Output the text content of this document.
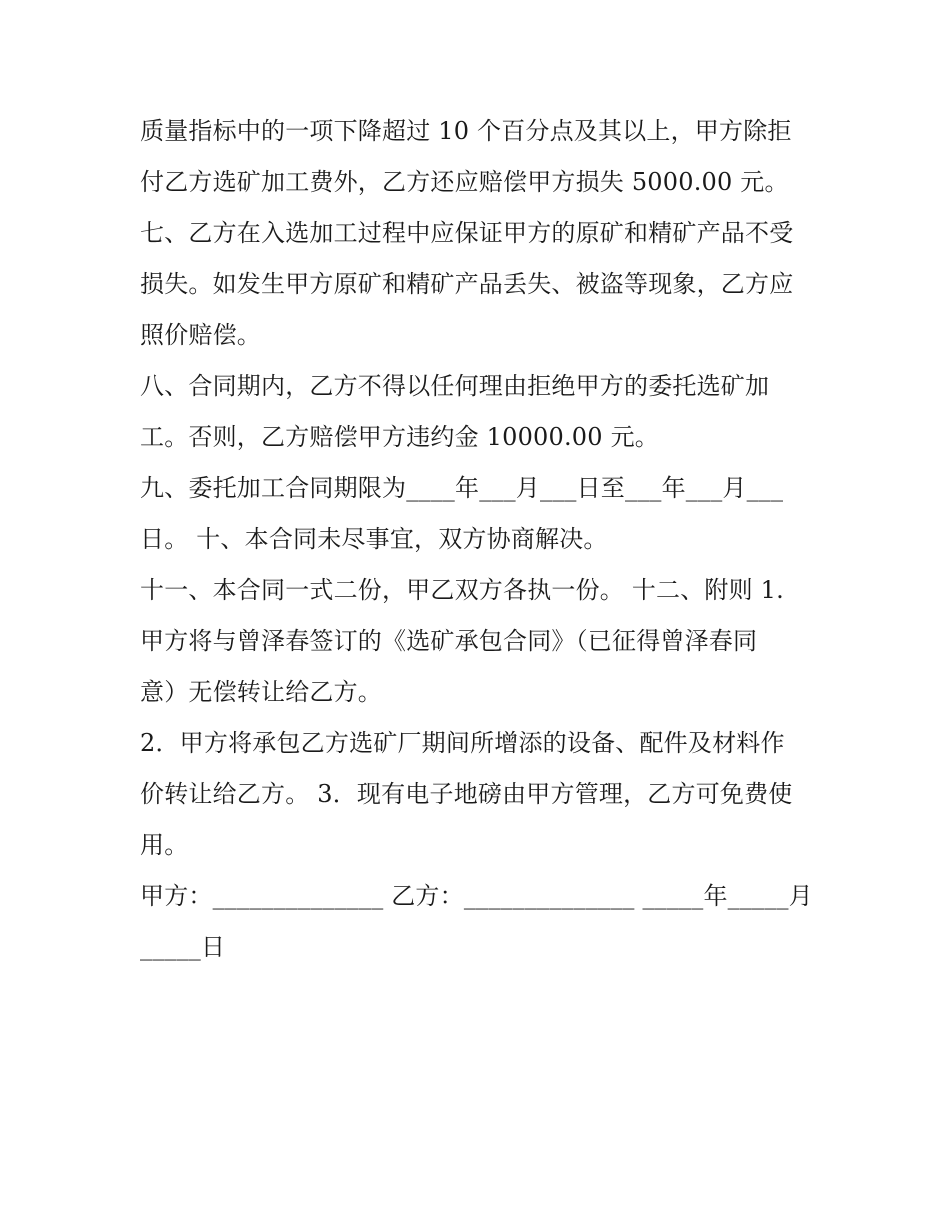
质量指标中的一项下降超过 10 个百分点及其以上，甲方除拒
付乙方选矿加工费外，乙方还应赔偿甲方损失 5000.00 元。
七、乙方在入选加工过程中应保证甲方的原矿和精矿产品不受
损失。如发生甲方原矿和精矿产品丢失、被盗等现象，乙方应
照价赔偿。
八、合同期内，乙方不得以任何理由拒绝甲方的委托选矿加
工。否则，乙方赔偿甲方违约金 10000.00 元。
九、委托加工合同期限为____年___月___日至___年___月___
日。 十、本合同未尽事宜，双方协商解决。
十一、本合同一式二份，甲乙双方各执一份。 十二、附则 1.
甲方将与曾泽春签订的《选矿承包合同》（已征得曾泽春同
意）无偿转让给乙方。
2．甲方将承包乙方选矿厂期间所增添的设备、配件及材料作
价转让给乙方。 3．现有电子地磅由甲方管理，乙方可免费使
用。
甲方：______________ 乙方：______________ _____年_____月
_____日
